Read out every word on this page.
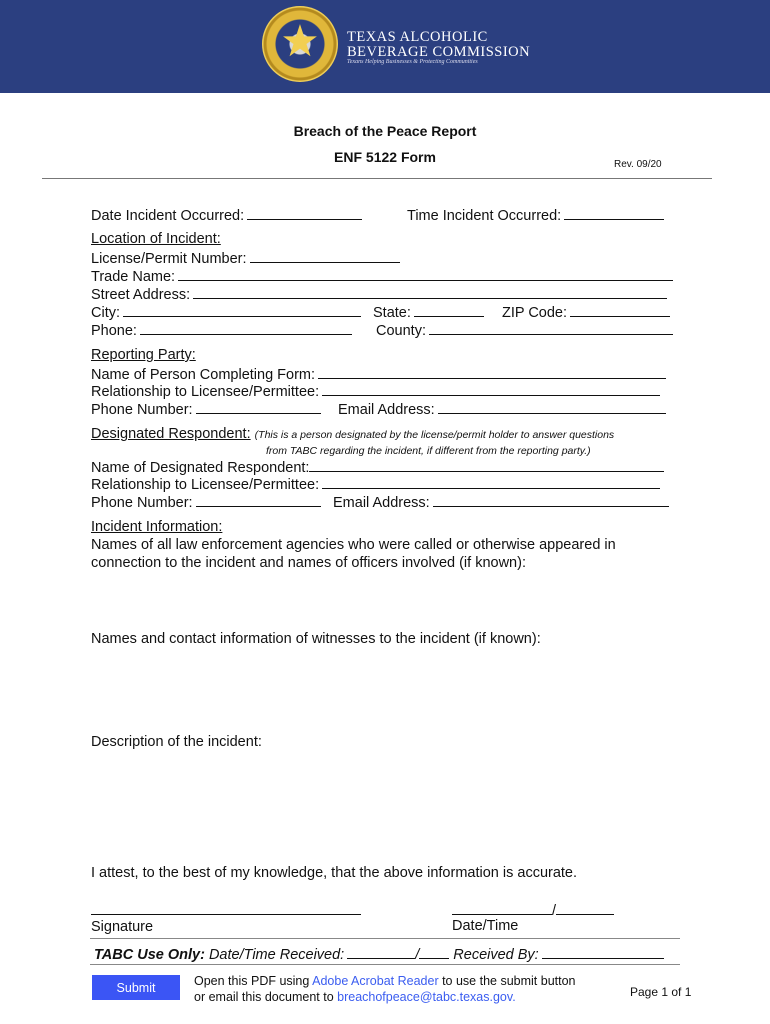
★	TEXAS ALCOHOLIC
BEVERAGE COMMISSION
Texans Helping Businesses & Protecting Communities
Breach of the Peace Report
ENF 5122 Form	Rev. 09/20
Date Incident Occurred:	Time Incident Occurred:
Location of Incident:
License/Permit Number:
Trade Name:
Street Address:
City:	State:	ZIP Code:
Phone:	County:
Reporting Party:
Name of Person Completing Form:
Relationship to Licensee/Permittee:
Phone Number:	Email Address:
Designated Respondent: (This is a person designated by the license/permit holder to answer questions
from TABC regarding the incident, if different from the reporting party.)
Name of Designated Respondent:
Relationship to Licensee/Permittee:
Phone Number:	Email Address:
Incident Information:
Names of all law enforcement agencies who were called or otherwise appeared in
connection to the incident and names of officers involved (if known):
Names and contact information of witnesses to the incident (if known):
Description of the incident:
I attest, to the best of my knowledge, that the above information is accurate.
Signature
/
Date/Time
TABC Use Only: Date/Time Received:	/ Received By:
Submit	Open this PDF using Adobe Acrobat Reader to use the submit button
or email this document to breachofpeace@tabc.texas.gov.	Page 1 of 1
